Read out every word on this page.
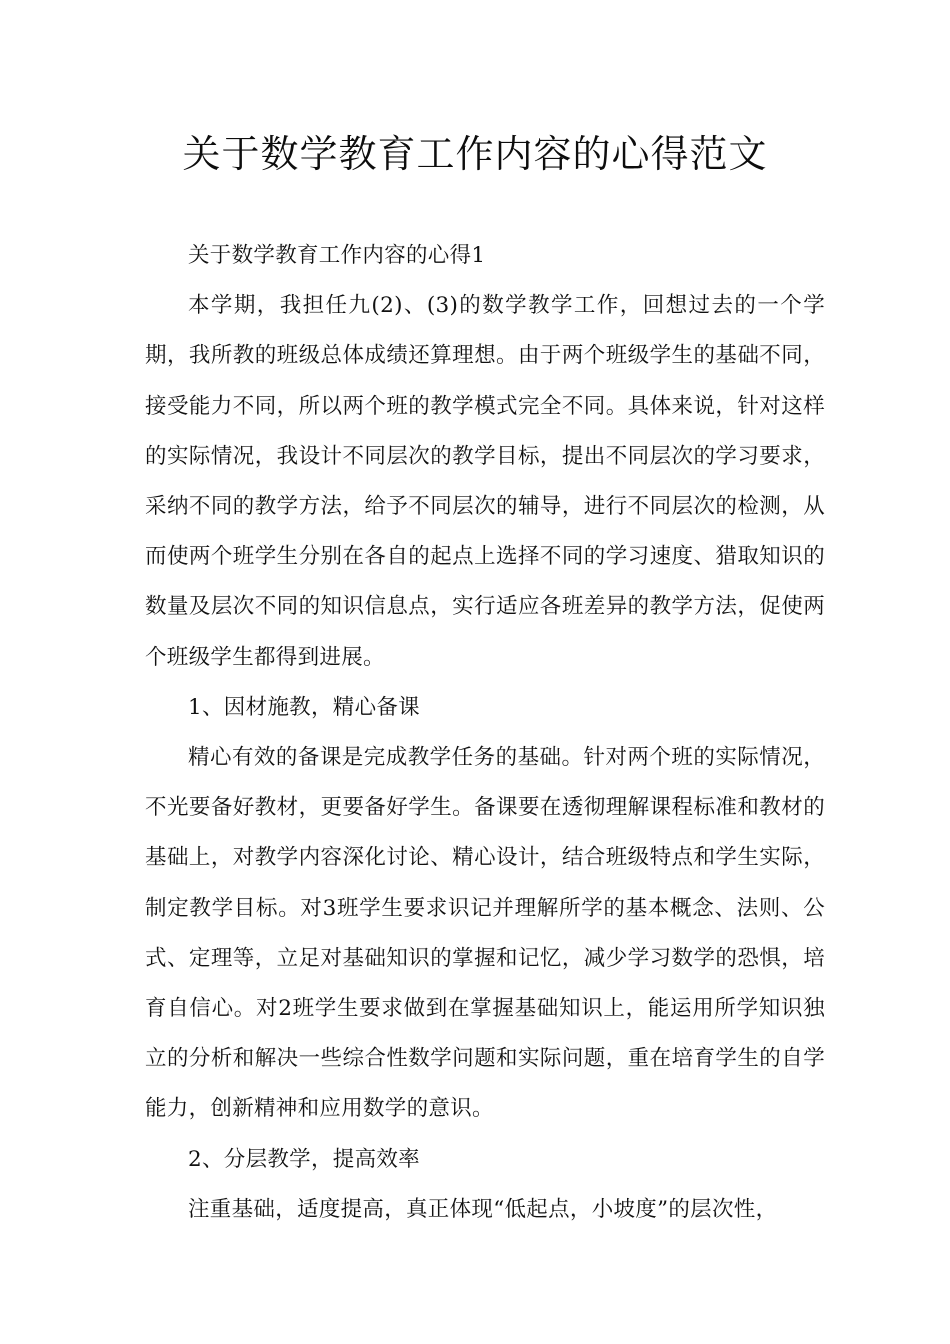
关于数学教育工作内容的心得范文

关于数学教育工作内容的心得1

本学期，我担任九(2)、(3)的数学教学工作，回想过去的一个学期，我所教的班级总体成绩还算理想。由于两个班级学生的基础不同，接受能力不同，所以两个班的教学模式完全不同。具体来说，针对这样的实际情况，我设计不同层次的教学目标，提出不同层次的学习要求，采纳不同的教学方法，给予不同层次的辅导，进行不同层次的检测，从而使两个班学生分别在各自的起点上选择不同的学习速度、猎取知识的数量及层次不同的知识信息点，实行适应各班差异的教学方法，促使两个班级学生都得到进展。

1、因材施教，精心备课

精心有效的备课是完成教学任务的基础。针对两个班的实际情况，不光要备好教材，更要备好学生。备课要在透彻理解课程标准和教材的基础上，对教学内容深化讨论、精心设计，结合班级特点和学生实际，制定教学目标。对3班学生要求识记并理解所学的基本概念、法则、公式、定理等，立足对基础知识的掌握和记忆，减少学习数学的恐惧，培育自信心。对2班学生要求做到在掌握基础知识上，能运用所学知识独立的分析和解决一些综合性数学问题和实际问题，重在培育学生的自学能力，创新精神和应用数学的意识。

2、分层教学，提高效率

注重基础，适度提高，真正体现“低起点，小坡度”的层次性，
